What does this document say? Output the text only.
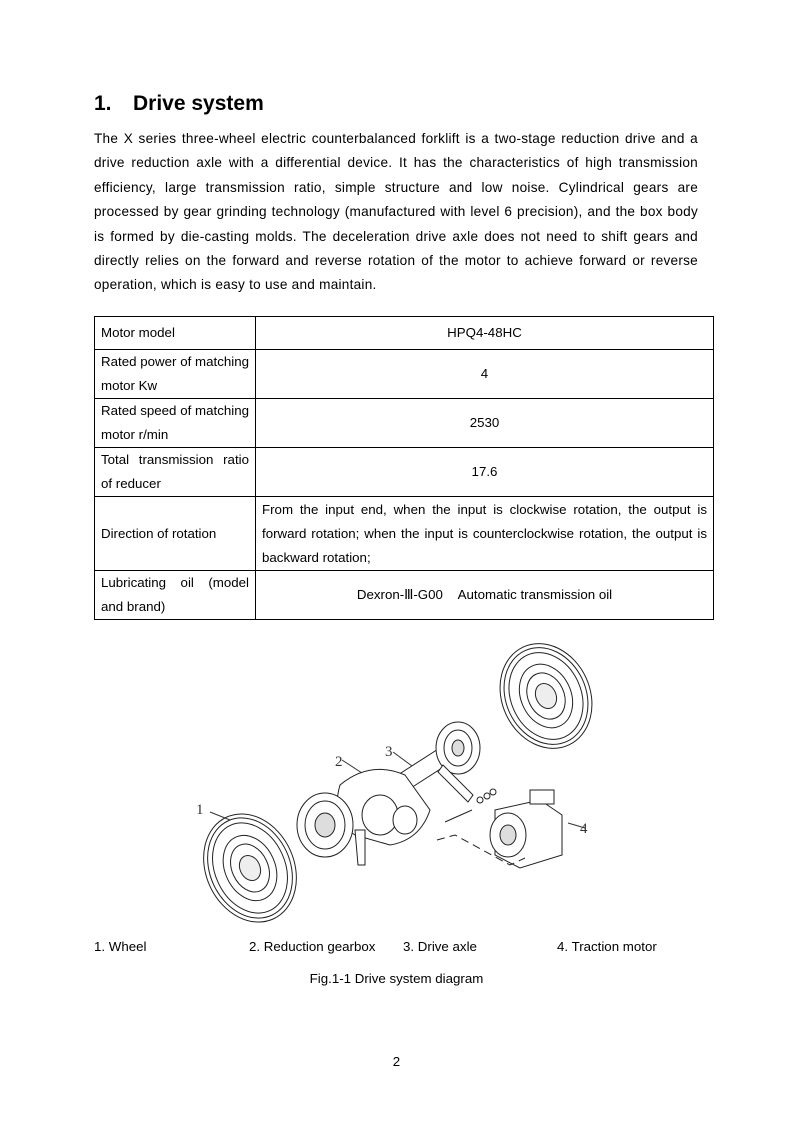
1. Drive system

The X series three-wheel electric counterbalanced forklift is a two-stage reduction drive and a drive reduction axle with a differential device. It has the characteristics of high transmission efficiency, large transmission ratio, simple structure and low noise. Cylindrical gears are processed by gear grinding technology (manufactured with level 6 precision), and the box body is formed by die-casting molds. The deceleration drive axle does not need to shift gears and directly relies on the forward and reverse rotation of the motor to achieve forward or reverse operation, which is easy to use and maintain.

Motor model	HPQ4-48HC
Rated power of matching motor Kw	4
Rated speed of matching motor r/min	2530
Total transmission ratio of reducer	17.6
Direction of rotation	From the input end, when the input is clockwise rotation, the output is forward rotation; when the input is counterclockwise rotation, the output is backward rotation;
Lubricating oil (model and brand)	Dexron-Ⅲ-G00    Automatic transmission oil
1
2
3
4
1. Wheel	2. Reduction gearbox 3. Drive axle	4. Traction motor
Fig.1-1 Drive system diagram
2
